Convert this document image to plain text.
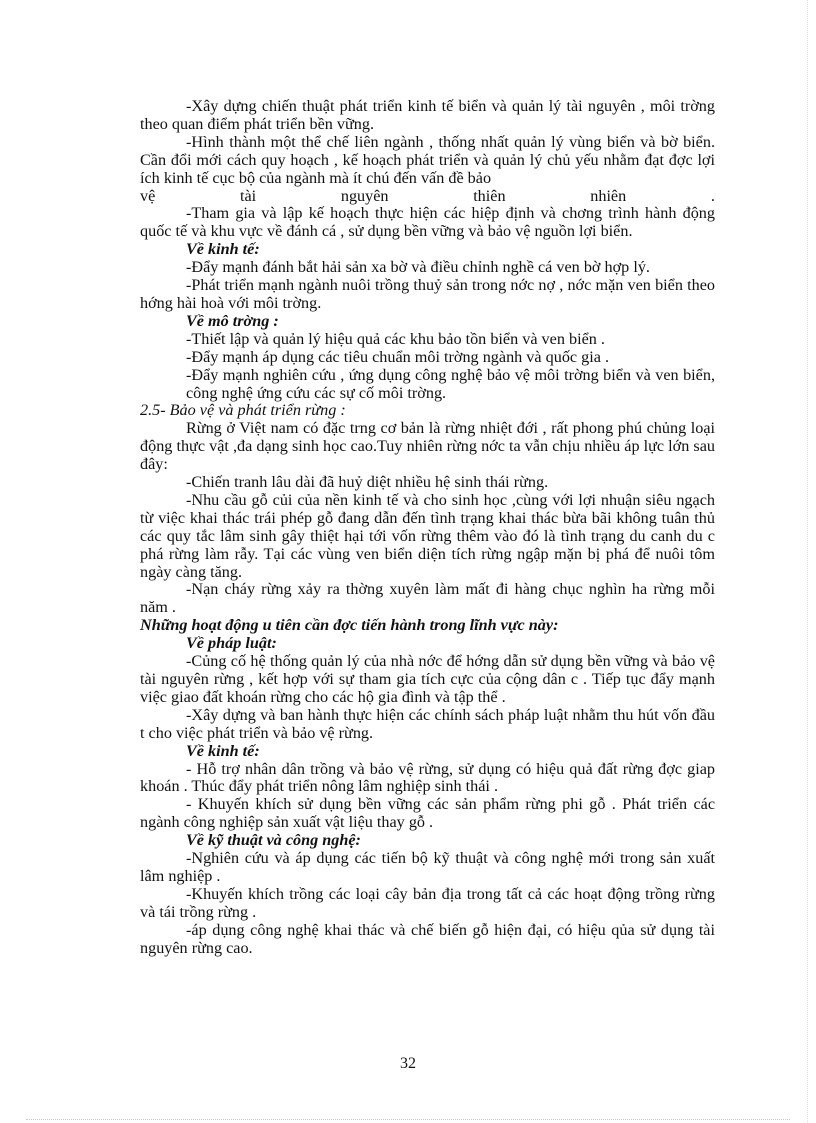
-Xây dựng chiến thuật phát triển kinh tế biển và quản lý tài nguyên , môi trờng theo quan điểm phát triển bền vững.

-Hình thành một thể chế liên ngành , thống nhất quản lý vùng biển và bờ biển. Cần đổi mới cách quy hoạch , kế hoạch phát triển và quản lý chủ yếu nhằm đạt đợc lợi ích kinh tế cục bộ của ngành mà ít chú đến vấn đề bảo

vệ	tài	nguyên	thiên	nhiên	.

-Tham gia và lập kế hoạch thực hiện các hiệp định và chơng trình hành động quốc tế và khu vực về đánh cá , sử dụng bền vững và bảo vệ nguồn lợi biển.

Về kinh tế:

-Đẩy mạnh đánh bắt hải sản xa bờ và điều chỉnh nghề cá ven bờ hợp lý.

-Phát triển mạnh ngành nuôi trồng thuỷ sản trong nớc nợ , nớc mặn ven biển theo hớng hài hoà với môi trờng.

Về mô trờng :

-Thiết lập và quản lý hiệu quả các khu bảo tồn biển và ven biển .

-Đẩy mạnh áp dụng các tiêu chuẩn môi trờng ngành và quốc gia .

-Đẩy mạnh nghiên cứu , ứng dụng công nghệ bảo vệ môi trờng biển và ven biển, công nghệ ứng cứu các sự cố môi trờng.

2.5- Bảo vệ và phát triển rừng :

Rừng ở Việt nam có đặc trng cơ bản là rừng nhiệt đới , rất phong phú chủng loại động thực vật ,đa dạng sinh học cao.Tuy nhiên rừng nớc ta vẫn chịu nhiều áp lực lớn sau đây:

-Chiến tranh lâu dài đã huỷ diệt nhiều hệ sinh thái rừng.

-Nhu cầu gỗ củi của nền kinh tế và cho sinh học ,cùng với lợi nhuận siêu ngạch từ việc khai thác trái phép gỗ đang dẫn đến tình trạng khai thác bừa bãi không tuân thủ các quy tắc lâm sinh gây thiệt hại tới vốn rừng thêm vào đó là tình trạng du canh du c phá rừng làm rẫy. Tại các vùng ven biển diện tích rừng ngập mặn bị phá để nuôi tôm ngày càng tăng.

-Nạn cháy rừng xảy ra thờng xuyên làm mất đi hàng chục nghìn ha rừng mỗi năm .

Những hoạt động u tiên cần đợc tiến hành trong lĩnh vực này:

Về pháp luật:

-Củng cố hệ thống quản lý của nhà nớc để hớng dẫn sử dụng bền vững và bảo vệ tài nguyên rừng , kết hợp với sự tham gia tích cực của cộng dân c . Tiếp tục đẩy mạnh việc giao đất khoán rừng cho các hộ gia đình và tập thể .

-Xây dựng và ban hành thực hiện các chính sách pháp luật nhằm thu hút vốn đầu t cho việc phát triển và bảo vệ rừng.

Về kinh tế:

- Hỗ trợ nhân dân trồng và bảo vệ rừng, sử dụng có hiệu quả đất rừng đợc giap khoán . Thúc đẩy phát triển nông lâm nghiệp sinh thái .

- Khuyến khích sử dụng bền vững các sản phẩm rừng phi gỗ . Phát triển các ngành công nghiệp sản xuất vật liệu thay gỗ .

Về kỹ thuật và công nghệ:

-Nghiên cứu và áp dụng các tiến bộ kỹ thuật và công nghệ mới trong sản xuất lâm nghiệp .

-Khuyến khích trồng các loại cây bản địa trong tất cả các hoạt động trồng rừng và tái trồng rừng .

-áp dụng công nghệ khai thác và chế biến gỗ hiện đại, có hiệu qủa sử dụng tài nguyên rừng cao.

32
